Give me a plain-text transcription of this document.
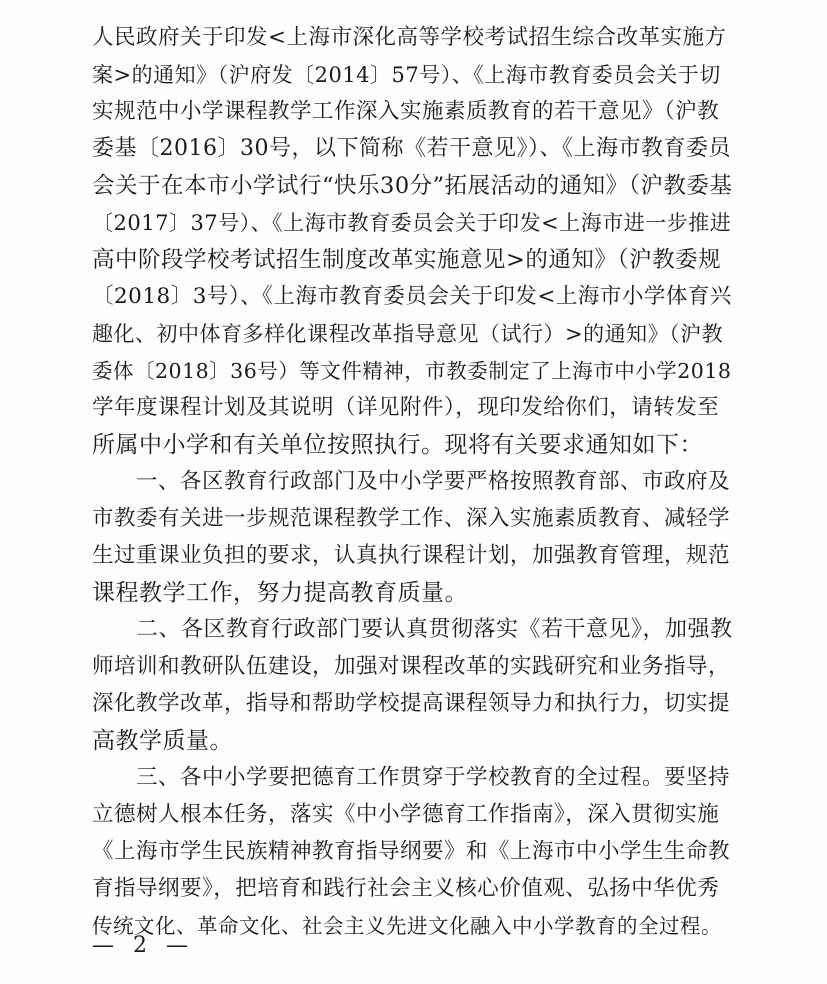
人民政府关于印发<上海市深化高等学校考试招生综合改革实施方
案>的通知》（沪府发〔2014〕57号）、《上海市教育委员会关于切
实规范中小学课程教学工作深入实施素质教育的若干意见》（沪教
委基〔2016〕30号，以下简称《若干意见》）、《上海市教育委员
会关于在本市小学试行“快乐30分”拓展活动的通知》（沪教委基
〔2017〕37号）、《上海市教育委员会关于印发<上海市进一步推进
高中阶段学校考试招生制度改革实施意见>的通知》（沪教委规
〔2018〕3号）、《上海市教育委员会关于印发<上海市小学体育兴
趣化、初中体育多样化课程改革指导意见（试行）>的通知》（沪教
委体〔2018〕36号）等文件精神，市教委制定了上海市中小学2018
学年度课程计划及其说明（详见附件），现印发给你们，请转发至
所属中小学和有关单位按照执行。现将有关要求通知如下：
一、各区教育行政部门及中小学要严格按照教育部、市政府及
市教委有关进一步规范课程教学工作、深入实施素质教育、减轻学
生过重课业负担的要求，认真执行课程计划，加强教育管理，规范
课程教学工作，努力提高教育质量。
二、各区教育行政部门要认真贯彻落实《若干意见》，加强教
师培训和教研队伍建设，加强对课程改革的实践研究和业务指导，
深化教学改革，指导和帮助学校提高课程领导力和执行力，切实提
高教学质量。
三、各中小学要把德育工作贯穿于学校教育的全过程。要坚持
立德树人根本任务，落实《中小学德育工作指南》，深入贯彻实施
《上海市学生民族精神教育指导纲要》和《上海市中小学生生命教
育指导纲要》，把培育和践行社会主义核心价值观、弘扬中华优秀
传统文化、革命文化、社会主义先进文化融入中小学教育的全过程。
— 2 —
